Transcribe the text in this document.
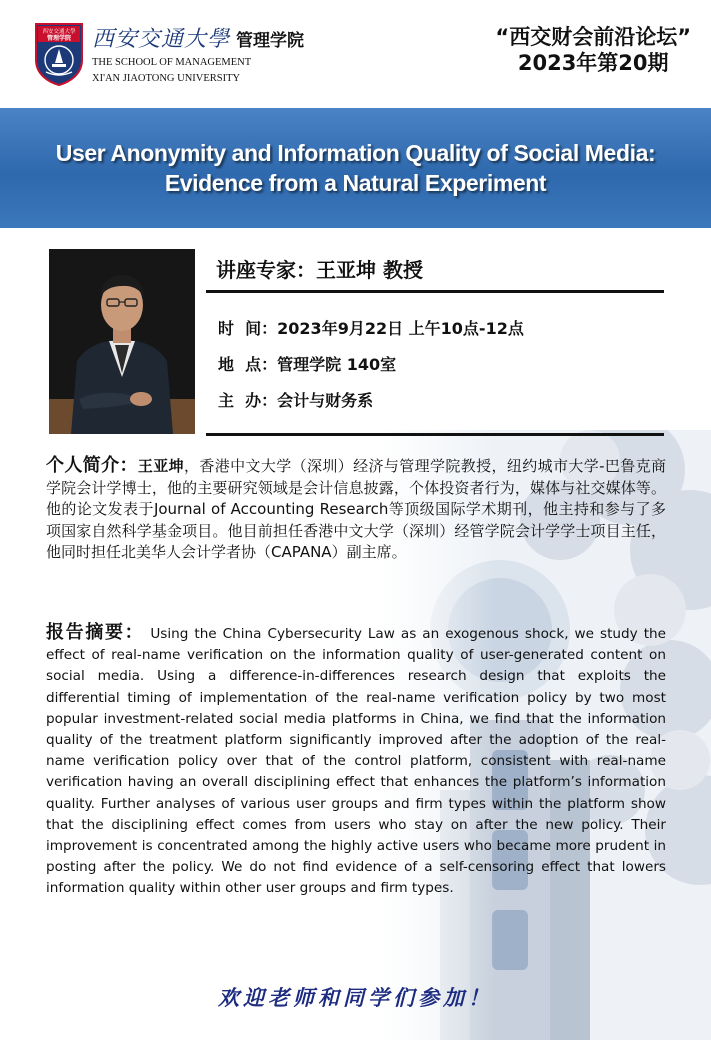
西安交通大學
管理学院 西安交通大學 管理学院
THE SCHOOL OF MANAGEMENT
XI'AN JIAOTONG UNIVERSITY
“西交财会前沿论坛”
2023年第20期
User Anonymity and Information Quality of Social Media:
Evidence from a Natural Experiment
讲座专家：王亚坤 教授
时  间：2023年9月22日 上午10点-12点
地  点：管理学院 140室
主  办：会计与财务系
个人简介：王亚坤，香港中文大学（深圳）经济与管理学院教授，纽约城市大学-巴鲁克商学院会计学博士，他的主要研究领域是会计信息披露，个体投资者行为，媒体与社交媒体等。他的论文发表于Journal of Accounting Research等顶级国际学术期刊，他主持和参与了多项国家自然科学基金项目。他目前担任香港中文大学（深圳）经管学院会计学学士项目主任，他同时担任北美华人会计学者协（CAPANA）副主席。
报告摘要： Using the China Cybersecurity Law as an exogenous shock, we study the effect of real-name verification on the information quality of user-generated content on social media. Using a difference-in-differences research design that exploits the differential timing of implementation of the real-name verification policy by two most popular investment-related social media platforms in China, we find that the information quality of the treatment platform significantly improved after the adoption of the real-name verification policy over that of the control platform, consistent with real-name verification having an overall disciplining effect that enhances the platform’s information quality. Further analyses of various user groups and firm types within the platform show that the disciplining effect comes from users who stay on after the new policy. Their improvement is concentrated among the highly active users who became more prudent in posting after the policy. We do not find evidence of a self-censoring effect that lowers information quality within other user groups and firm types.
欢迎老师和同学们参加！
